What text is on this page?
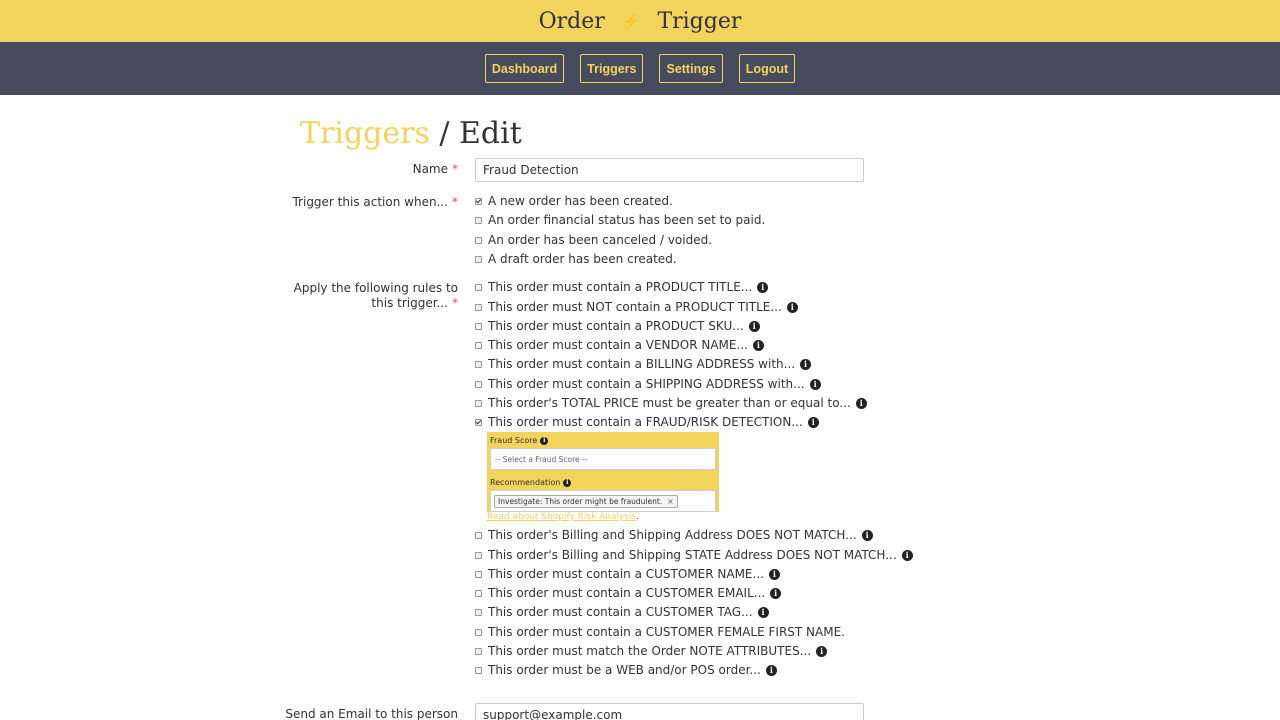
Order ⚡ Trigger
Dashboard	Triggers	Settings	Logout
Triggers / Edit
Name *
Fraud Detection
Trigger this action when... *	A new order has been created.
An order financial status has been set to paid.
An order has been canceled / voided.
A draft order has been created.
Apply the following rules to
this trigger... *
This order must contain a PRODUCT TITLE...	i
This order must NOT contain a PRODUCT TITLE...	i
This order must contain a PRODUCT SKU...	i
This order must contain a VENDOR NAME...	i
This order must contain a BILLING ADDRESS with...	i
This order must contain a SHIPPING ADDRESS with...	i
This order's TOTAL PRICE must be greater than or equal to...	i
This order must contain a FRAUD/RISK DETECTION...	i
Fraud Score i
-- Select a Fraud Score --
Recommendation i
Investigate: This order might be fraudulent. ×
Read about Shopify Risk Analysis.
This order's Billing and Shipping Address DOES NOT MATCH...	i
This order's Billing and Shipping STATE Address DOES NOT MATCH...	i
This order must contain a CUSTOMER NAME...	i
This order must contain a CUSTOMER EMAIL...	i
This order must contain a CUSTOMER TAG...	i
This order must contain a CUSTOMER FEMALE FIRST NAME.
This order must match the Order NOTE ATTRIBUTES...	i
This order must be a WEB and/or POS order...	i
Send an Email to this person
support@example.com
